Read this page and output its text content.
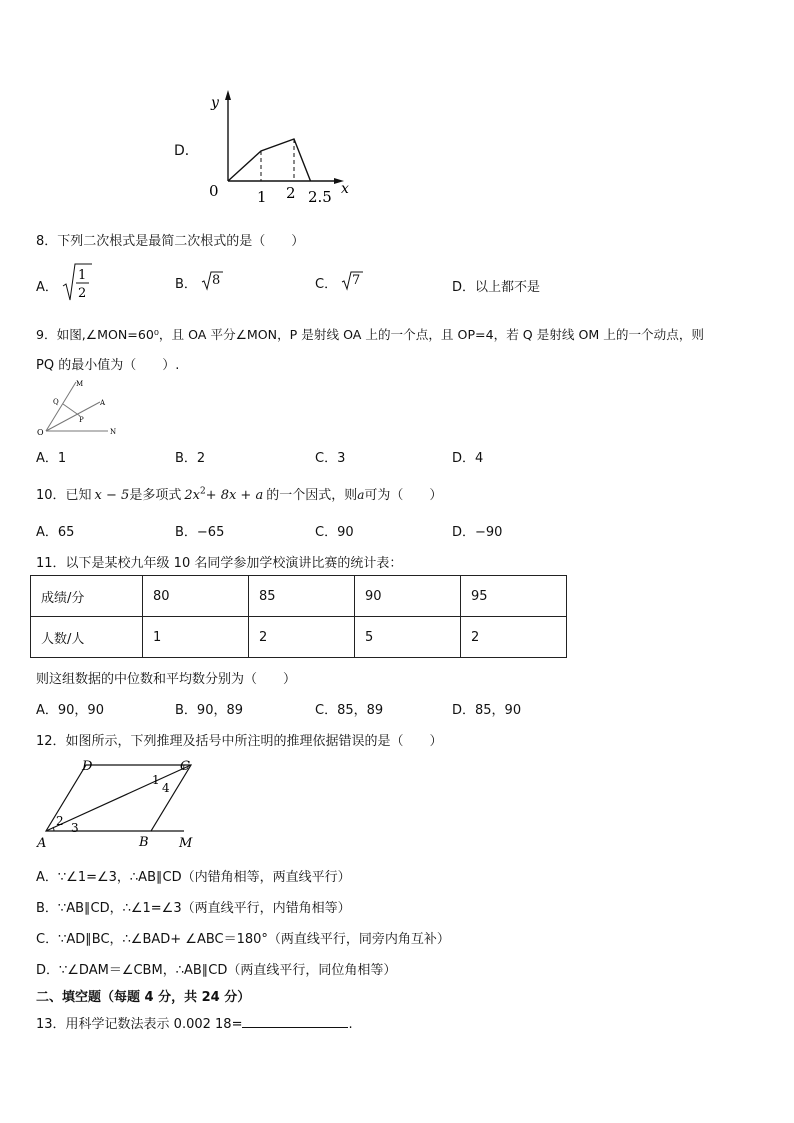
D．
y
x
0	1 2 2.5
8．下列二次根式是最简二次根式的是（　　）
A．
1
2
B． 8	C． 7	D．以上都不是
9．如图,∠MON=60⁰，且 OA 平分∠MON，P 是射线 OA 上的一个点，且 OP=4，若 Q 是射线 OM 上的一个动点，则
PQ 的最小值为（　　）.
M
Q	A
P
O	N
A．1	B．2	C．3	D．4
10．已知 x − 5是多项式 $2x^2+ 8x + a$ 的一个因式，则a可为（　　）
A．65	B．−65	C．90	D．−90
11．以下是某校九年级 10 名同学参加学校演讲比赛的统计表：
成绩/分	80	85	90	95
人数/人	1	2	5	2
则这组数据的中位数和平均数分别为（　　）
A．90，90	B．90，89	C．85，89	D．85，90
12．如图所示，下列推理及括号中所注明的推理依据错误的是（　　）
D	C
A	B M
1
2 3
4
A．∵∠1=∠3，∴AB∥CD（内错角相等，两直线平行）
B．∵AB∥CD，∴∠1=∠3（两直线平行，内错角相等）
C．∵AD∥BC，∴∠BAD+ ∠ABC＝180°（两直线平行，同旁内角互补）
D．∵∠DAM＝∠CBM，∴AB∥CD（两直线平行，同位角相等）
二、填空题（每题 4 分，共 24 分）
13．用科学记数法表示 0.002 18=	.
